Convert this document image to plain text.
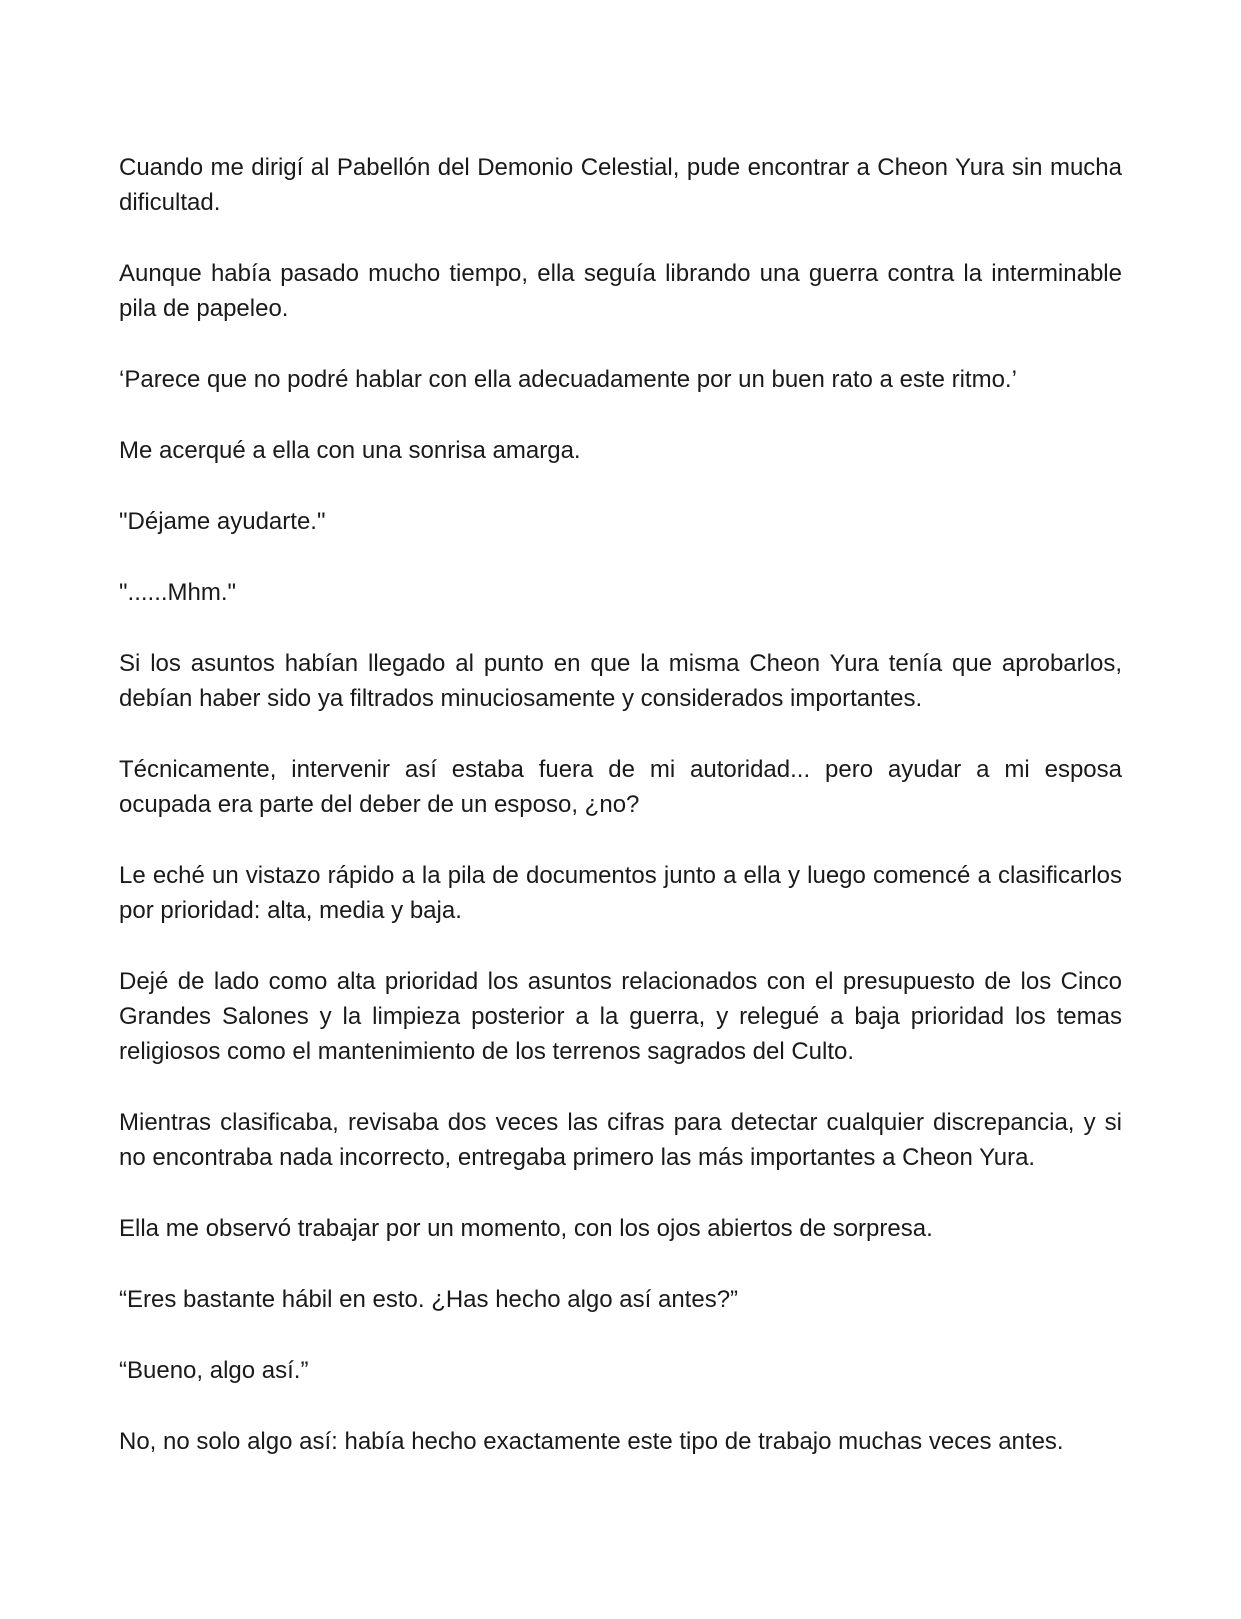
Cuando me dirigí al Pabellón del Demonio Celestial, pude encontrar a Cheon Yura sin mucha dificultad.

Aunque había pasado mucho tiempo, ella seguía librando una guerra contra la interminable pila de papeleo.

‘Parece que no podré hablar con ella adecuadamente por un buen rato a este ritmo.’

Me acerqué a ella con una sonrisa amarga.

"Déjame ayudarte."

"......Mhm."

Si los asuntos habían llegado al punto en que la misma Cheon Yura tenía que aprobarlos, debían haber sido ya filtrados minuciosamente y considerados importantes.

Técnicamente, intervenir así estaba fuera de mi autoridad... pero ayudar a mi esposa ocupada era parte del deber de un esposo, ¿no?

Le eché un vistazo rápido a la pila de documentos junto a ella y luego comencé a clasificarlos por prioridad: alta, media y baja.

Dejé de lado como alta prioridad los asuntos relacionados con el presupuesto de los Cinco Grandes Salones y la limpieza posterior a la guerra, y relegué a baja prioridad los temas religiosos como el mantenimiento de los terrenos sagrados del Culto.

Mientras clasificaba, revisaba dos veces las cifras para detectar cualquier discrepancia, y si no encontraba nada incorrecto, entregaba primero las más importantes a Cheon Yura.

Ella me observó trabajar por un momento, con los ojos abiertos de sorpresa.

“Eres bastante hábil en esto. ¿Has hecho algo así antes?”

“Bueno, algo así.”

No, no solo algo así: había hecho exactamente este tipo de trabajo muchas veces antes.
